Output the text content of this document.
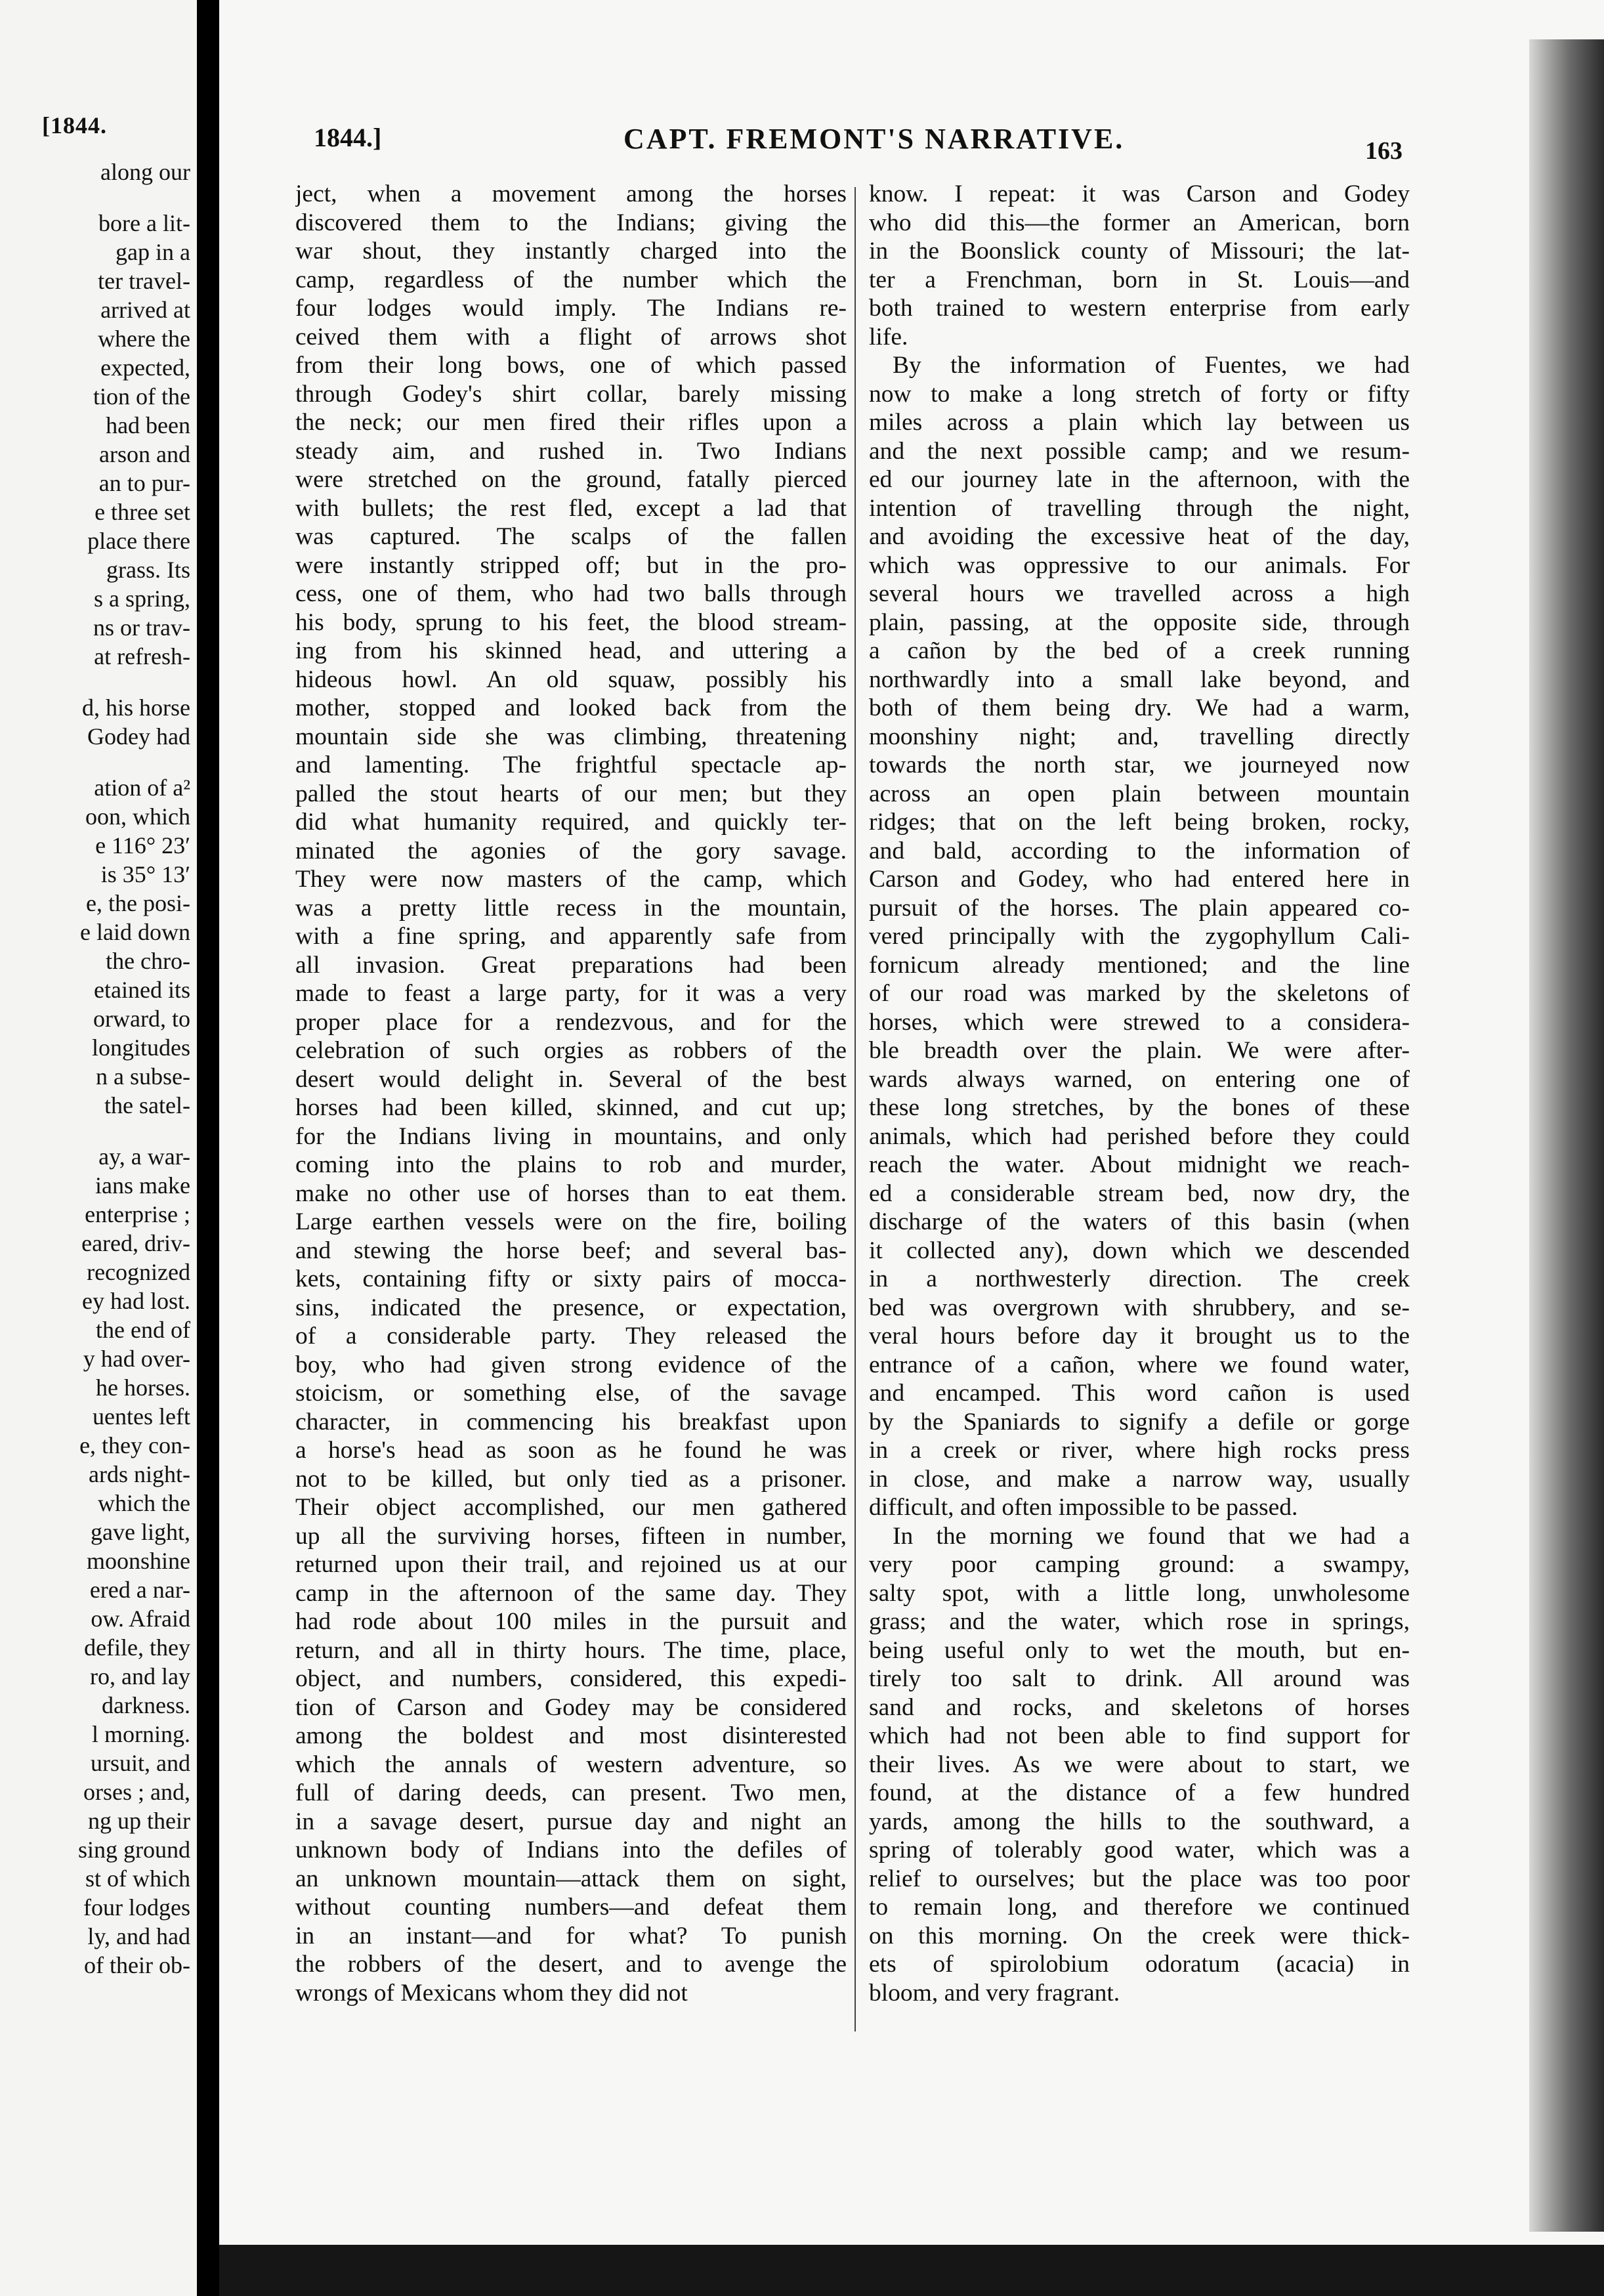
[1844.
along our
bore a lit-
gap in a
ter travel-
arrived at
where the
expected,
tion of the
had been
arson and
an to pur-
e three set
place there
grass. Its
s a spring,
ns or trav-
at refresh-
d, his horse
Godey had
ation of a²
oon, which
e 116° 23′
is 35° 13′
e, the posi-
e laid down
the chro-
etained its
orward, to
longitudes
n a subse-
the satel-
ay, a war-
ians make
enterprise ;
eared, driv-
recognized
ey had lost.
the end of
y had over-
he horses.
uentes left
e, they con-
ards night-
which the
gave light,
moonshine
ered a nar-
ow. Afraid
defile, they
ro, and lay
darkness.
l morning.
ursuit, and
orses ; and,
ng up their
sing ground
st of which
four lodges
ly, and had
of their ob-
1844.]	CAPT. FREMONT'S NARRATIVE.	163
ject, when a movement among the horses
discovered them to the Indians; giving the
war shout, they instantly charged into the
camp, regardless of the number which the
four lodges would imply. The Indians re-
ceived them with a flight of arrows shot
from their long bows, one of which passed
through Godey's shirt collar, barely missing
the neck; our men fired their rifles upon a
steady aim, and rushed in. Two Indians
were stretched on the ground, fatally pierced
with bullets; the rest fled, except a lad that
was captured. The scalps of the fallen
were instantly stripped off; but in the pro-
cess, one of them, who had two balls through
his body, sprung to his feet, the blood stream-
ing from his skinned head, and uttering a
hideous howl. An old squaw, possibly his
mother, stopped and looked back from the
mountain side she was climbing, threatening
and lamenting. The frightful spectacle ap-
palled the stout hearts of our men; but they
did what humanity required, and quickly ter-
minated the agonies of the gory savage.
They were now masters of the camp, which
was a pretty little recess in the mountain,
with a fine spring, and apparently safe from
all invasion. Great preparations had been
made to feast a large party, for it was a very
proper place for a rendezvous, and for the
celebration of such orgies as robbers of the
desert would delight in. Several of the best
horses had been killed, skinned, and cut up;
for the Indians living in mountains, and only
coming into the plains to rob and murder,
make no other use of horses than to eat them.
Large earthen vessels were on the fire, boiling
and stewing the horse beef; and several bas-
kets, containing fifty or sixty pairs of mocca-
sins, indicated the presence, or expectation,
of a considerable party. They released the
boy, who had given strong evidence of the
stoicism, or something else, of the savage
character, in commencing his breakfast upon
a horse's head as soon as he found he was
not to be killed, but only tied as a prisoner.
Their object accomplished, our men gathered
up all the surviving horses, fifteen in number,
returned upon their trail, and rejoined us at our
camp in the afternoon of the same day. They
had rode about 100 miles in the pursuit and
return, and all in thirty hours. The time, place,
object, and numbers, considered, this expedi-
tion of Carson and Godey may be considered
among the boldest and most disinterested
which the annals of western adventure, so
full of daring deeds, can present. Two men,
in a savage desert, pursue day and night an
unknown body of Indians into the defiles of
an unknown mountain—attack them on sight,
without counting numbers—and defeat them
in an instant—and for what? To punish
the robbers of the desert, and to avenge the
wrongs of Mexicans whom they did not
know. I repeat: it was Carson and Godey
who did this—the former an American, born
in the Boonslick county of Missouri; the lat-
ter a Frenchman, born in St. Louis—and
both trained to western enterprise from early
life.
By the information of Fuentes, we had
now to make a long stretch of forty or fifty
miles across a plain which lay between us
and the next possible camp; and we resum-
ed our journey late in the afternoon, with the
intention of travelling through the night,
and avoiding the excessive heat of the day,
which was oppressive to our animals. For
several hours we travelled across a high
plain, passing, at the opposite side, through
a cañon by the bed of a creek running
northwardly into a small lake beyond, and
both of them being dry. We had a warm,
moonshiny night; and, travelling directly
towards the north star, we journeyed now
across an open plain between mountain
ridges; that on the left being broken, rocky,
and bald, according to the information of
Carson and Godey, who had entered here in
pursuit of the horses. The plain appeared co-
vered principally with the zygophyllum Cali-
fornicum already mentioned; and the line
of our road was marked by the skeletons of
horses, which were strewed to a considera-
ble breadth over the plain. We were after-
wards always warned, on entering one of
these long stretches, by the bones of these
animals, which had perished before they could
reach the water. About midnight we reach-
ed a considerable stream bed, now dry, the
discharge of the waters of this basin (when
it collected any), down which we descended
in a northwesterly direction. The creek
bed was overgrown with shrubbery, and se-
veral hours before day it brought us to the
entrance of a cañon, where we found water,
and encamped. This word cañon is used
by the Spaniards to signify a defile or gorge
in a creek or river, where high rocks press
in close, and make a narrow way, usually
difficult, and often impossible to be passed.
In the morning we found that we had a
very poor camping ground: a swampy,
salty spot, with a little long, unwholesome
grass; and the water, which rose in springs,
being useful only to wet the mouth, but en-
tirely too salt to drink. All around was
sand and rocks, and skeletons of horses
which had not been able to find support for
their lives. As we were about to start, we
found, at the distance of a few hundred
yards, among the hills to the southward, a
spring of tolerably good water, which was a
relief to ourselves; but the place was too poor
to remain long, and therefore we continued
on this morning. On the creek were thick-
ets of spirolobium odoratum (acacia) in
bloom, and very fragrant.
